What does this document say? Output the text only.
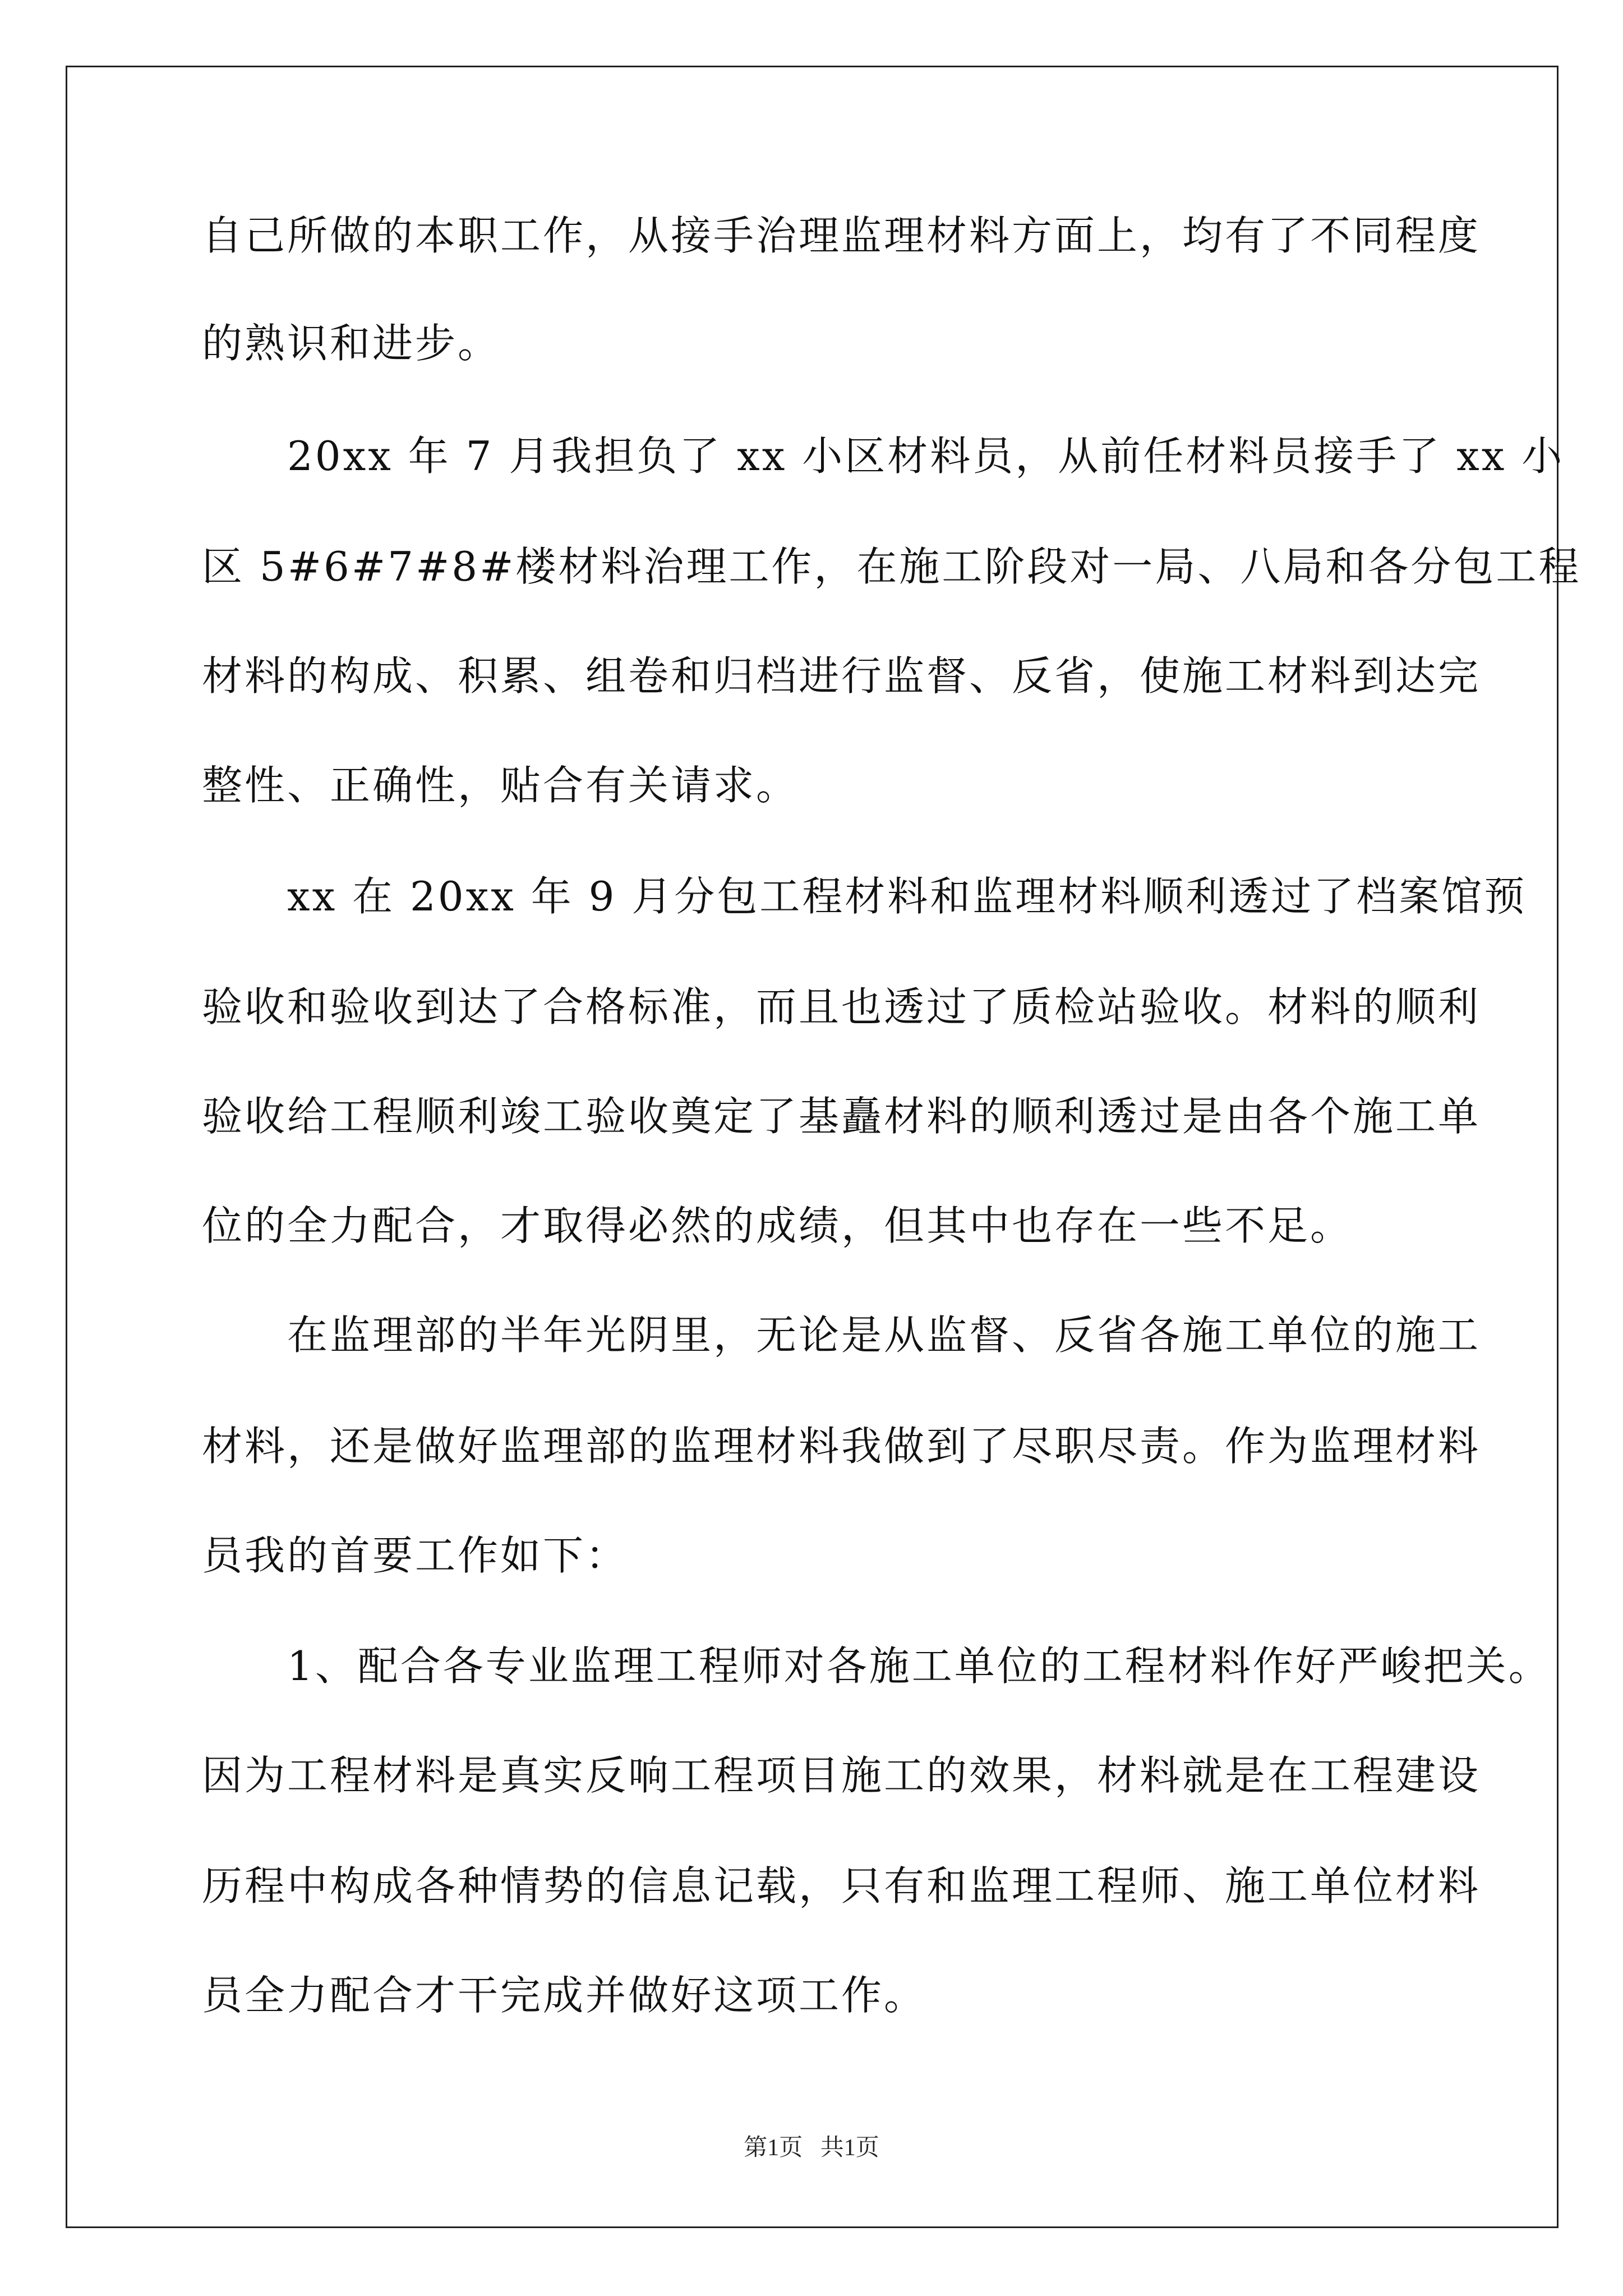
自己所做的本职工作，从接手治理监理材料方面上，均有了不同程度
的熟识和进步。
　　20xx 年 7 月我担负了 xx 小区材料员，从前任材料员接手了 xx 小
区 5#6#7#8#楼材料治理工作，在施工阶段对一局、八局和各分包工程
材料的构成、积累、组卷和归档进行监督、反省，使施工材料到达完
整性、正确性，贴合有关请求。
　　xx 在 20xx 年 9 月分包工程材料和监理材料顺利透过了档案馆预
验收和验收到达了合格标准，而且也透过了质检站验收。材料的顺利
验收给工程顺利竣工验收奠定了基矗材料的顺利透过是由各个施工单
位的全力配合，才取得必然的成绩，但其中也存在一些不足。
　　在监理部的半年光阴里，无论是从监督、反省各施工单位的施工
材料，还是做好监理部的监理材料我做到了尽职尽责。作为监理材料
员我的首要工作如下：
　　1、配合各专业监理工程师对各施工单位的工程材料作好严峻把关。
因为工程材料是真实反响工程项目施工的效果，材料就是在工程建设
历程中构成各种情势的信息记载，只有和监理工程师、施工单位材料
员全力配合才干完成并做好这项工作。
第1页   共1页
